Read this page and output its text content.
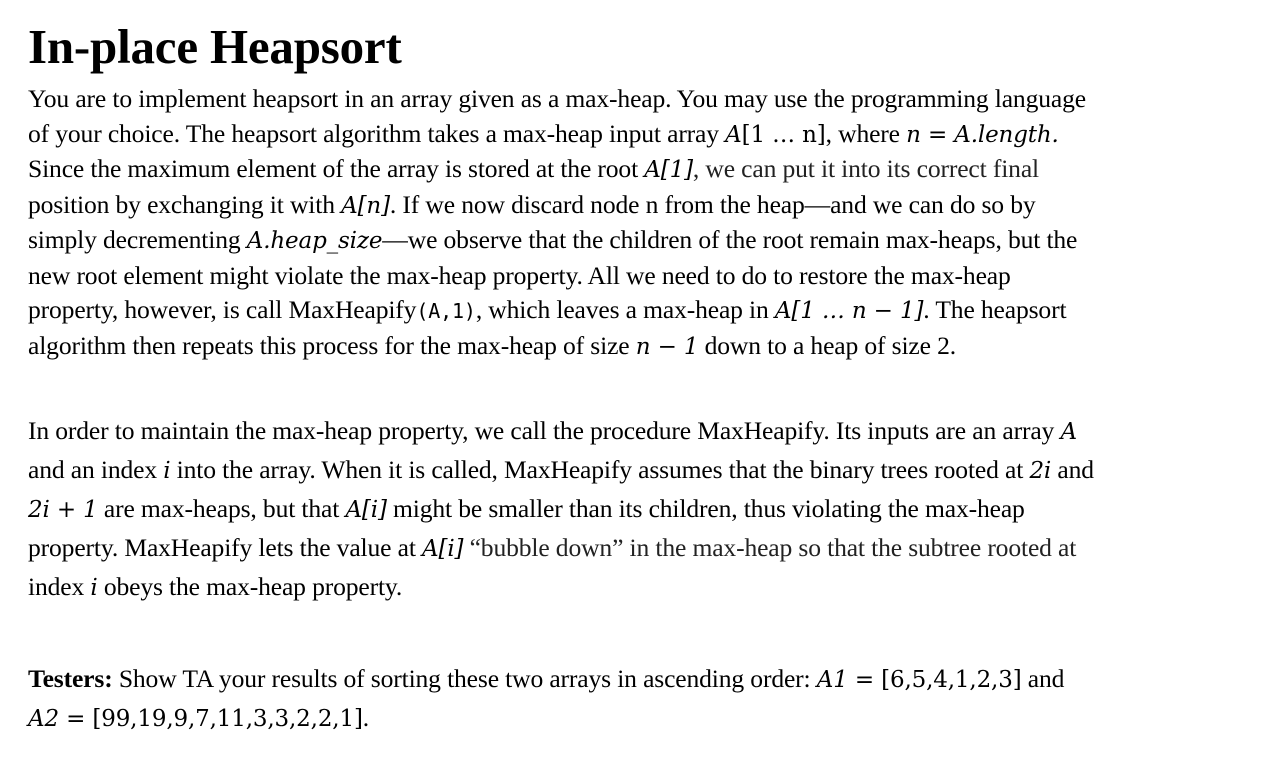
In-place Heapsort

You are to implement heapsort in an array given as a max-heap. You may use the programming language
of your choice. The heapsort algorithm takes a max-heap input array A[1 … n], where n = A.length.
Since the maximum element of the array is stored at the root A[1], we can put it into its correct final
position by exchanging it with A[n]. If we now discard node n from the heap—and we can do so by
simply decrementing A.heap_size—we observe that the children of the root remain max-heaps, but the
new root element might violate the max-heap property. All we need to do to restore the max-heap
property, however, is call MaxHeapify(A,1), which leaves a max-heap in A[1 … n − 1]. The heapsort
algorithm then repeats this process for the max-heap of size n − 1 down to a heap of size 2.

In order to maintain the max-heap property, we call the procedure MaxHeapify. Its inputs are an array A
and an index i into the array. When it is called, MaxHeapify assumes that the binary trees rooted at 2i and
2i + 1 are max-heaps, but that A[i] might be smaller than its children, thus violating the max-heap
property. MaxHeapify lets the value at A[i] “bubble down” in the max-heap so that the subtree rooted at
index i obeys the max-heap property.

Testers: Show TA your results of sorting these two arrays in ascending order: A1 = [6,5,4,1,2,3] and
A2 = [99,19,9,7,11,3,3,2,2,1].
